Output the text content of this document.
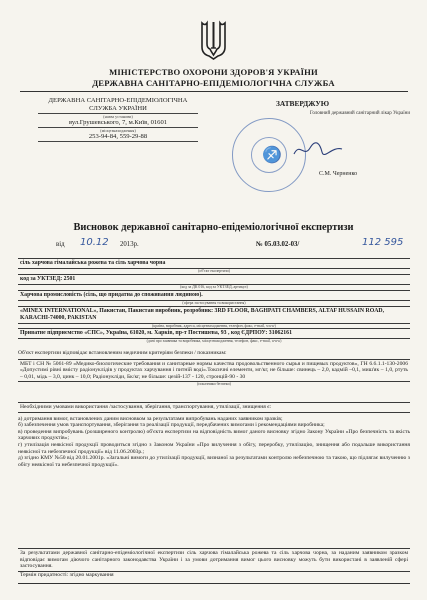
МІНІСТЕРСТВО ОХОРОНИ ЗДОРОВ'Я УКРАЇНИ
ДЕРЖАВНА САНІТАРНО-ЕПІДЕМІОЛОГІЧНА СЛУЖБА
ДЕРЖАВНА САНІТАРНО-ЕПІДЕМІОЛОГІЧНА
СЛУЖБА УКРАЇНИ
(назва установи)
вул.Грушевського, 7, м.Київ, 01601
(місцезнаходження)
253-94-84, 559-29-88
ЗАТВЕРДЖУЮ
Головний державний санітарний лікар України
♐
С.М. Черненко
Висновок державної санітарно-епідеміологічної експертизи
від 10.12 2013р.	№ 05.03.02-03/	112 595
сіль харчова гімалайська рожева та сіль харчова чорна
(об'єкт експертизи)
код за УКТЗЕД: 2501
(код за ДК 016, код за УКТЗЕД, артикул)
Харчова промисловість (сіль, що придатна до споживання людиною).
(сфера застосування та використання)
«MINEX INTERNATIONAL», Пакистан, Пакистан виробник, розробник: 3RD FLOOR, BAGHPATI CHAMBERS, ALTAF HUSSAIN ROAD, KARACHI-74000, PAKISTAN
(країна, виробник, адреса, місцезнаходження, телефон, факс, e-mail, www)
Приватне підприємство «СПС», Україна, 61020, м. Харків, пр-т Постишева, 93 , код ЄДРПОУ: 31062161
(дані про заявника та виробника, місцезнаходження, телефон, факс, e-mail, www)
Об'єкт експертизи відповідає встановленим медичним критеріям безпеки / показникам:
МБТ і СН № 5061-89 «Медико-биологические требования и санитарные нормы качества продовольственного сырья и пищевых продуктов», ГН 6.6.1.1-130-2006 «Допустимі рівні вмісту радіонуклідів у продуктах харчування і питній воді».Токсичні елементи, мг/кг, не більше: свинець – 2,0, кадмій –0,1, миш'як – 1,0, ртуть – 0,01, мідь – 3,0, цинк – 10,0; Радіонукліди, Бк/кг, не більше: цезій-137 - 120, стронцій-90 - 30
(показники безпеки)
Необхідними умовами використання /застосування, зберігання, транспортування, утилізації, знищення є:

а) дотримання вимог, встановлених даним висновком за результатами випробувань наданих заявником зразків;

б) забезпечення умов транспортування, зберігання та реалізації продукції, передбачених вимогами і рекомендаціями виробника;

в) проведення випробувань (розширеного контролю) об'єкта експертизи на відповідність вимог даного висновку згідно Закону України «Про безпечність та якість харчових продуктів»;

г) утилізація неякісної продукції проводиться згідно з Законом України «Про вилучення з обігу, переробку, утилізацію, знищення або подальше використання неякісної та небезпечної продукції» від 11.06.2003р.;

д) згідно КМУ №50 від 20.01.2001р. «Загальні вимоги до утилізації продукції, визнаної за результатами контролю небезпечною та такою, що підлягає вилученню з обігу неякісної та небезпечної продукції».

За результатами державної санітарно-епідеміологічної експертизи сіль харчова гімалайська рожева та сіль харчова чорна, за наданим заявником зразком відповідає вимогам діючого санітарного законодавства України і за умови дотримання вимог цього висновку можуть бути використані в заявленій сфері застосування.
Термін придатності: згідно маркування
